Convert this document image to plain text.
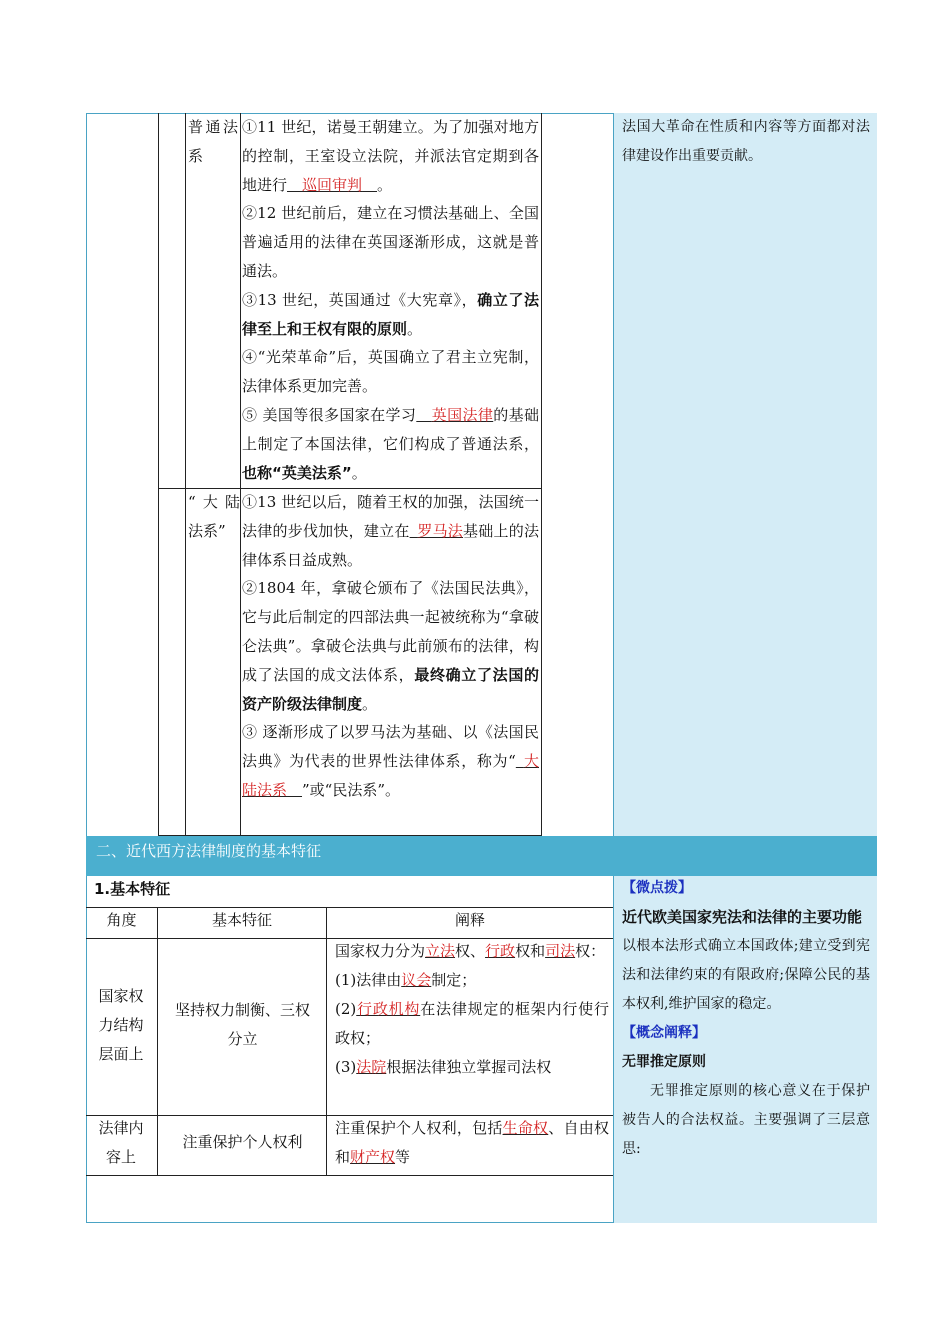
普通法系
①11 世纪，诺曼王朝建立。为了加强对地方的控制，王室设立法院，并派法官定期到各地进行  巡回审判  。
②12 世纪前后，建立在习惯法基础上、全国普遍适用的法律在英国逐渐形成，这就是普通法。
③13 世纪，英国通过《大宪章》，确立了法律至上和王权有限的原则。
④“光荣革命”后，英国确立了君主立宪制，法律体系更加完善。
⑤ 美国等很多国家在学习  英国法律的基础上制定了本国法律，它们构成了普通法系，也称“英美法系”。
“大陆法系”
①13 世纪以后，随着王权的加强，法国统一法律的步伐加快，建立在  罗马法基础上的法律体系日益成熟。
②1804 年，拿破仑颁布了《法国民法典》，它与此后制定的四部法典一起被统称为“拿破仑法典”。拿破仑法典与此前颁布的法律，构成了法国的成文法体系，最终确立了法国的资产阶级法律制度。
③ 逐渐形成了以罗马法为基础、以《法国民法典》为代表的世界性法律体系，称为“  大陆法系  ”或“民法系”。
法国大革命在性质和内容等方面都对法律建设作出重要贡献。
二、近代西方法律制度的基本特征
1.基本特征
角度	基本特征	阐释
国家权力结构层面上
坚持权力制衡、三权分立
国家权力分为立法权、行政权和司法权：
(1)法律由议会制定；
(2)行政机构在法律规定的框架内行使行政权；
(3)法院根据法律独立掌握司法权
法律内容上
注重保护个人权利
注重保护个人权利，包括生命权、自由权和财产权等
【微点拨】
近代欧美国家宪法和法律的主要功能
以根本法形式确立本国政体;建立受到宪法和法律约束的有限政府;保障公民的基本权利,维护国家的稳定。
【概念阐释】
无罪推定原则
无罪推定原则的核心意义在于保护被告人的合法权益。主要强调了三层意思:
